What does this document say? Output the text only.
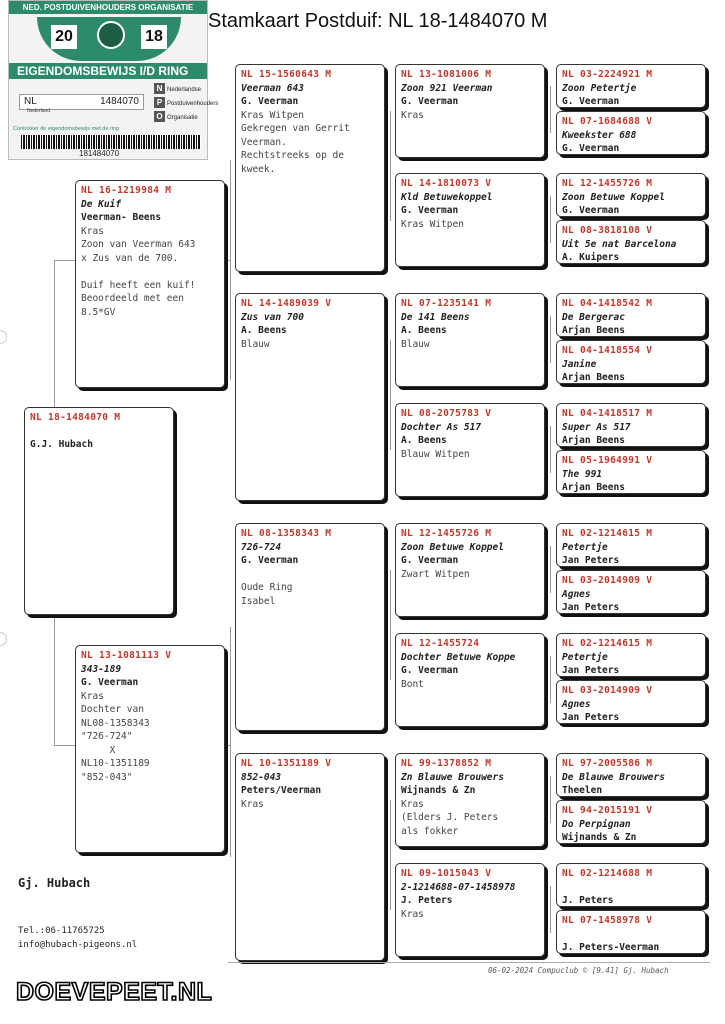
Stamkaart Postduif: NL 18-1484070 M
NED. POSTDUIVENHOUDERS ORGANISATIE
20	18
EIGENDOMSBEWIJS I/D RING
NL	1484070
Nederland
N Nederlandse
P Postduivenhouders
O Organisatie
Controleer de eigendomsbewijs met de ring
181484070
NL 18-1484070 M
G.J. Hubach
NL 16-1219984 M
De Kuif
Veerman- Beens
Kras
Zoon van Veerman 643
x Zus van de 700.

Duif heeft een kuif!
Beoordeeld met een
8.5*GV
NL 13-1081113 V
343-189
G. Veerman
Kras
Dochter van
NL08-1358343
"726-724"
X
NL10-1351189
"852-043"
NL 15-1560643 M
Veerman 643
G. Veerman
Kras Witpen
Gekregen van Gerrit
Veerman.
Rechtstreeks op de
kweek.
NL 14-1489039 V
Zus van 700
A. Beens
Blauw
NL 08-1358343 M
726-724
G. Veerman

Oude Ring
Isabel
NL 10-1351189 V
852-043
Peters/Veerman
Kras
NL 13-1081006 M
Zoon 921 Veerman
G. Veerman
Kras
NL 14-1810073 V
Kld Betuwekoppel
G. Veerman
Kras Witpen
NL 07-1235141 M
De 141 Beens
A. Beens
Blauw
NL 08-2075783 V
Dochter As 517
A. Beens
Blauw Witpen
NL 12-1455726 M
Zoon Betuwe Koppel
G. Veerman
Zwart Witpen
NL 12-1455724
Dochter Betuwe Koppe
G. Veerman
Bont
NL 99-1378852 M
Zn Blauwe Brouwers
Wijnands & Zn
Kras
(Elders J. Peters
als fokker
NL 09-1015043 V
2-1214688-07-1458978
J. Peters
Kras
NL 03-2224921 M
Zoon Petertje
G. Veerman
NL 07-1684688 V
Kweekster 688
G. Veerman
NL 12-1455726 M
Zoon Betuwe Koppel
G. Veerman
NL 08-3818108 V
Uit 5e nat Barcelona
A. Kuipers
NL 04-1418542 M
De Bergerac
Arjan Beens
NL 04-1418554 V
Janine
Arjan Beens
NL 04-1418517 M
Super As 517
Arjan Beens
NL 05-1964991 V
The 991
Arjan Beens
NL 02-1214615 M
Petertje
Jan Peters
NL 03-2014909 V
Agnes
Jan Peters
NL 02-1214615 M
Petertje
Jan Peters
NL 03-2014909 V
Agnes
Jan Peters
NL 97-2005586 M
De Blauwe Brouwers
Theelen
NL 94-2015191 V
Do Perpignan
Wijnands & Zn
NL 02-1214688 M
J. Peters
NL 07-1458978 V
J. Peters-Veerman
Gj. Hubach
Tel.:06-11765725
info@hubach-pigeons.nl
06-02-2024 Compuclub © [9.41] Gj. Hubach
DOEVEPEET.NL
